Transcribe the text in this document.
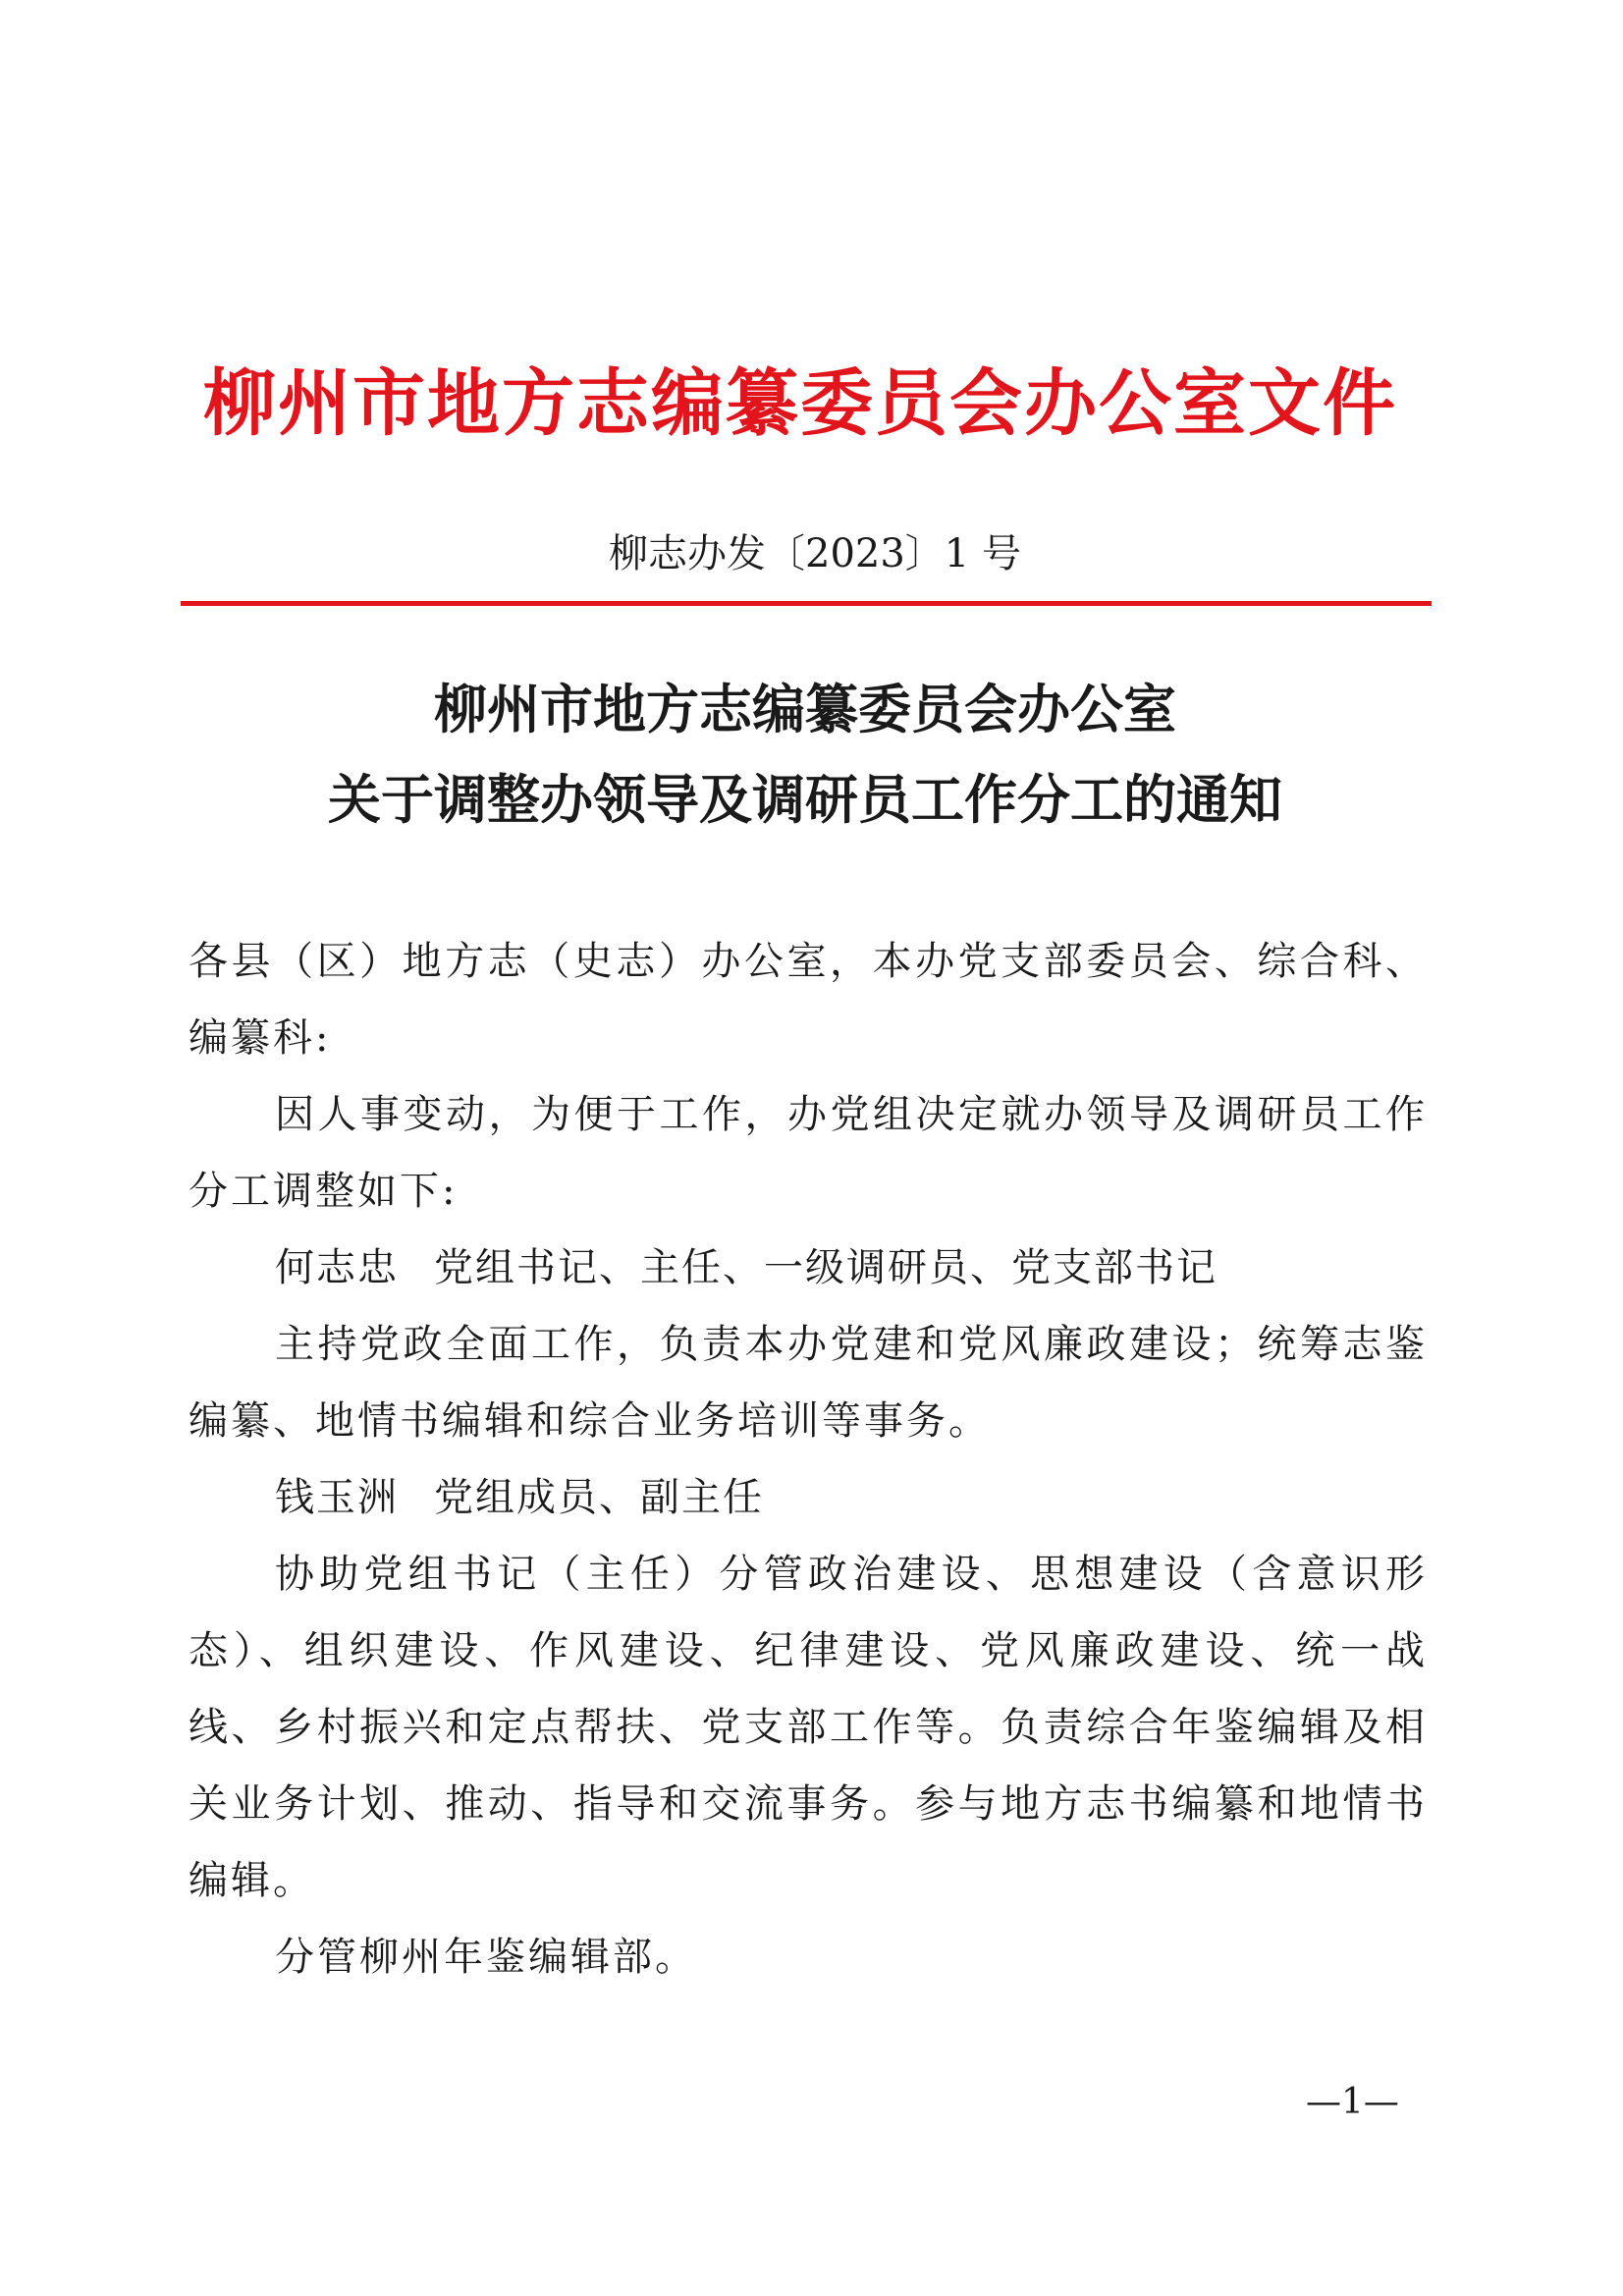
柳州市地方志编纂委员会办公室文件
柳志办发〔2023〕1 号
柳州市地方志编纂委员会办公室
关于调整办领导及调研员工作分工的通知

各县（区）地方志（史志）办公室，本办党支部委员会、综合科、编纂科:

因人事变动，为便于工作，办党组决定就办领导及调研员工作分工调整如下:

何志忠 党组书记、主任、一级调研员、党支部书记

主持党政全面工作，负责本办党建和党风廉政建设；统筹志鉴编纂、地情书编辑和综合业务培训等事务。

钱玉洲 党组成员、副主任

协助党组书记（主任）分管政治建设、思想建设（含意识形态）、组织建设、作风建设、纪律建设、党风廉政建设、统一战线、乡村振兴和定点帮扶、党支部工作等。负责综合年鉴编辑及相关业务计划、推动、指导和交流事务。参与地方志书编纂和地情书编辑。

分管柳州年鉴编辑部。

—1—
